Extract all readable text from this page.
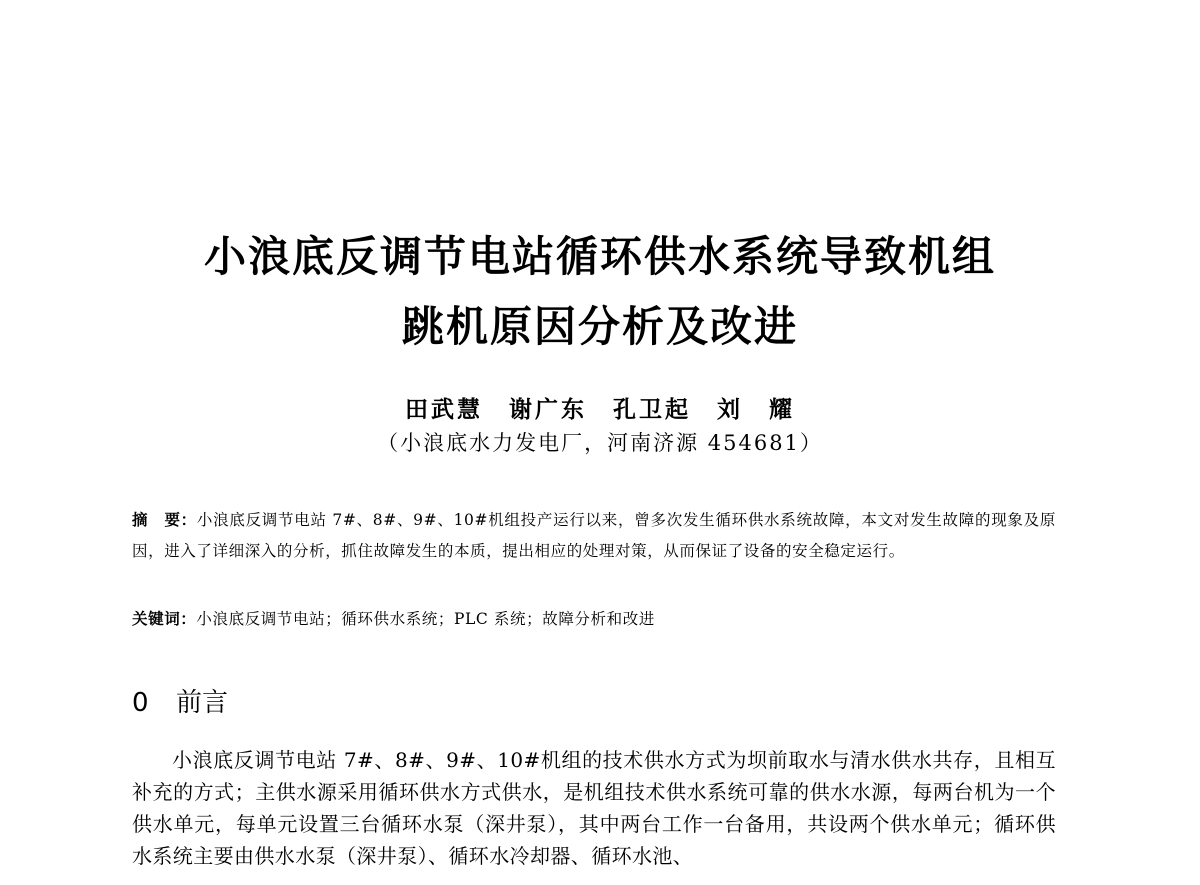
小浪底反调节电站循环供水系统导致机组
跳机原因分析及改进
田武慧　谢广东　孔卫起　刘　耀
（小浪底水力发电厂，河南济源 454681）
摘　要：小浪底反调节电站 7#、8#、9#、10#机组投产运行以来，曾多次发生循环供水系统故障，本文对发生故障的现象及原因，进入了详细深入的分析，抓住故障发生的本质，提出相应的处理对策，从而保证了设备的安全稳定运行。
关键词：小浪底反调节电站；循环供水系统；PLC 系统；故障分析和改进
0 前言
小浪底反调节电站 7#、8#、9#、10#机组的技术供水方式为坝前取水与清水供水共存，且相互补充的方式；主供水源采用循环供水方式供水，是机组技术供水系统可靠的供水水源，每两台机为一个供水单元，每单元设置三台循环水泵（深井泵），其中两台工作一台备用，共设两个供水单元；循环供水系统主要由供水水泵（深井泵）、循环水冷却器、循环水池、
